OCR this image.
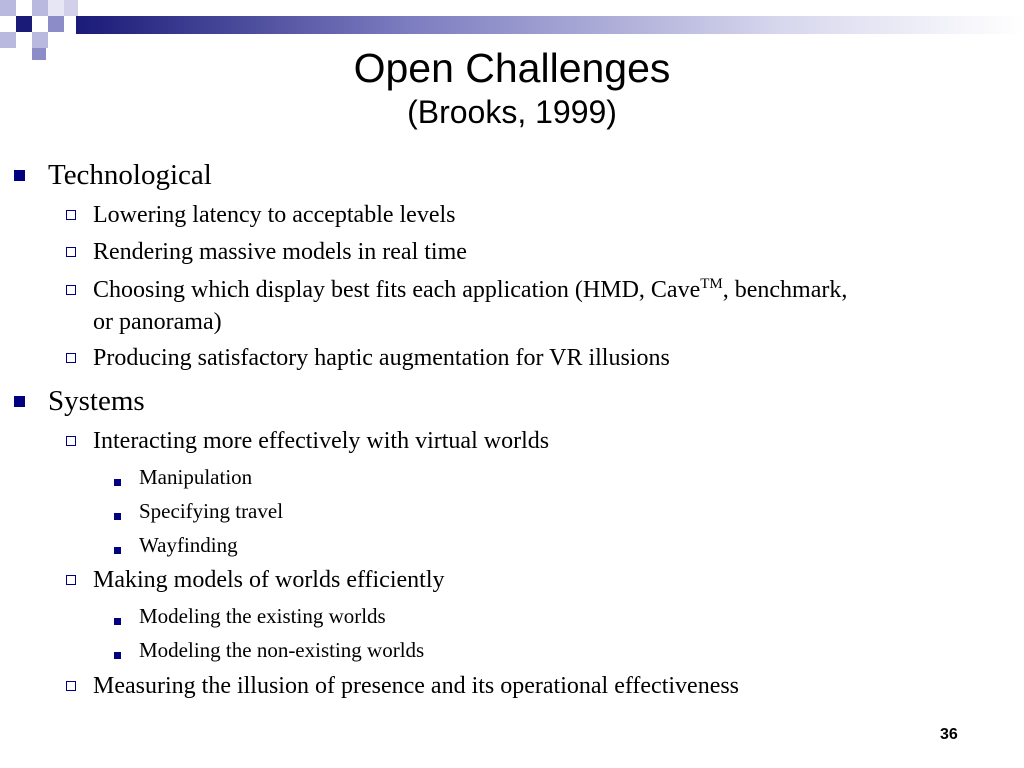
Open Challenges
(Brooks, 1999)
Technological
Lowering latency to acceptable levels
Rendering massive models in real time
Choosing which display best fits each application (HMD, Cave™, benchmark,
or panorama)
Producing satisfactory haptic augmentation for VR illusions
Systems
Interacting more effectively with virtual worlds
Manipulation
Specifying travel
Wayfinding
Making models of worlds efficiently
Modeling the existing worlds
Modeling the non-existing worlds
Measuring the illusion of presence and its operational effectiveness
36
